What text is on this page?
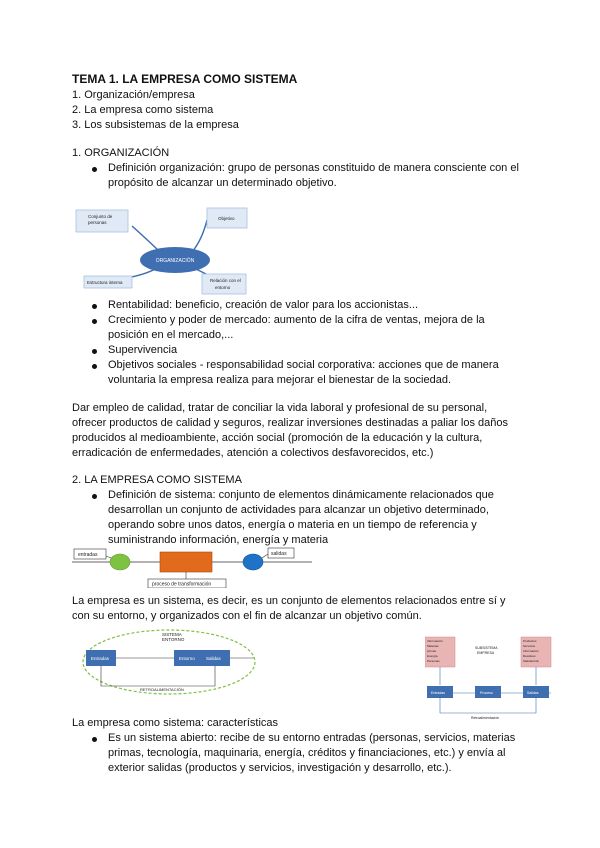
TEMA 1. LA EMPRESA COMO SISTEMA
1. Organización/empresa
2. La empresa como sistema
3. Los subsistemas de la empresa
1. ORGANIZACIÓN
Definición organización: grupo de personas constituido de manera consciente con el
propósito de alcanzar un determinado objetivo.
ORGANIZACIÓN
Conjunto de
personas
Objetivo
Estructura interna	Relación con el
entorno
Rentabilidad: beneficio, creación de valor para los accionistas...
Crecimiento y poder de mercado: aumento de la cifra de ventas, mejora de la
posición en el mercado,...
Supervivencia
Objetivos sociales - responsabilidad social corporativa: acciones que de manera
voluntaria la empresa realiza para mejorar el bienestar de la sociedad.
Dar empleo de calidad, tratar de conciliar la vida laboral y profesional de su personal,
ofrecer productos de calidad y seguros, realizar inversiones destinadas a paliar los daños
producidos al medioambiente, acción social (promoción de la educación y la cultura,
erradicación de enfermedades, atención a colectivos desfavorecidos, etc.)
2. LA EMPRESA COMO SISTEMA
Definición de sistema: conjunto de elementos dinámicamente relacionados que
desarrollan un conjunto de actividades para alcanzar un objetivo determinado,
operando sobre unos datos, energía o materia en un tiempo de referencia y
suministrando información, energía y materia
entradas	salidas
proceso de transformación
La empresa es un sistema, es decir, es un conjunto de elementos relacionados entre sí y
con su entorno, y organizados con el fin de alcanzar un objetivo común.
SISTEMA
ENTORNO
Entradas	Entorno Salidas
RETROALIMENTACIÓN
Información
Materias
primas
Energía
Personas
Productos
Servicios
Información
Residuos
Satisfacción
SUBSISTEMA
EMPRESA
Entradas	Proceso	Salidas
Retroalimentación
La empresa como sistema: características
Es un sistema abierto: recibe de su entorno entradas (personas, servicios, materias
primas, tecnología, maquinaria, energía, créditos y financiaciones, etc.) y envía al
exterior salidas (productos y servicios, investigación y desarrollo, etc.).
